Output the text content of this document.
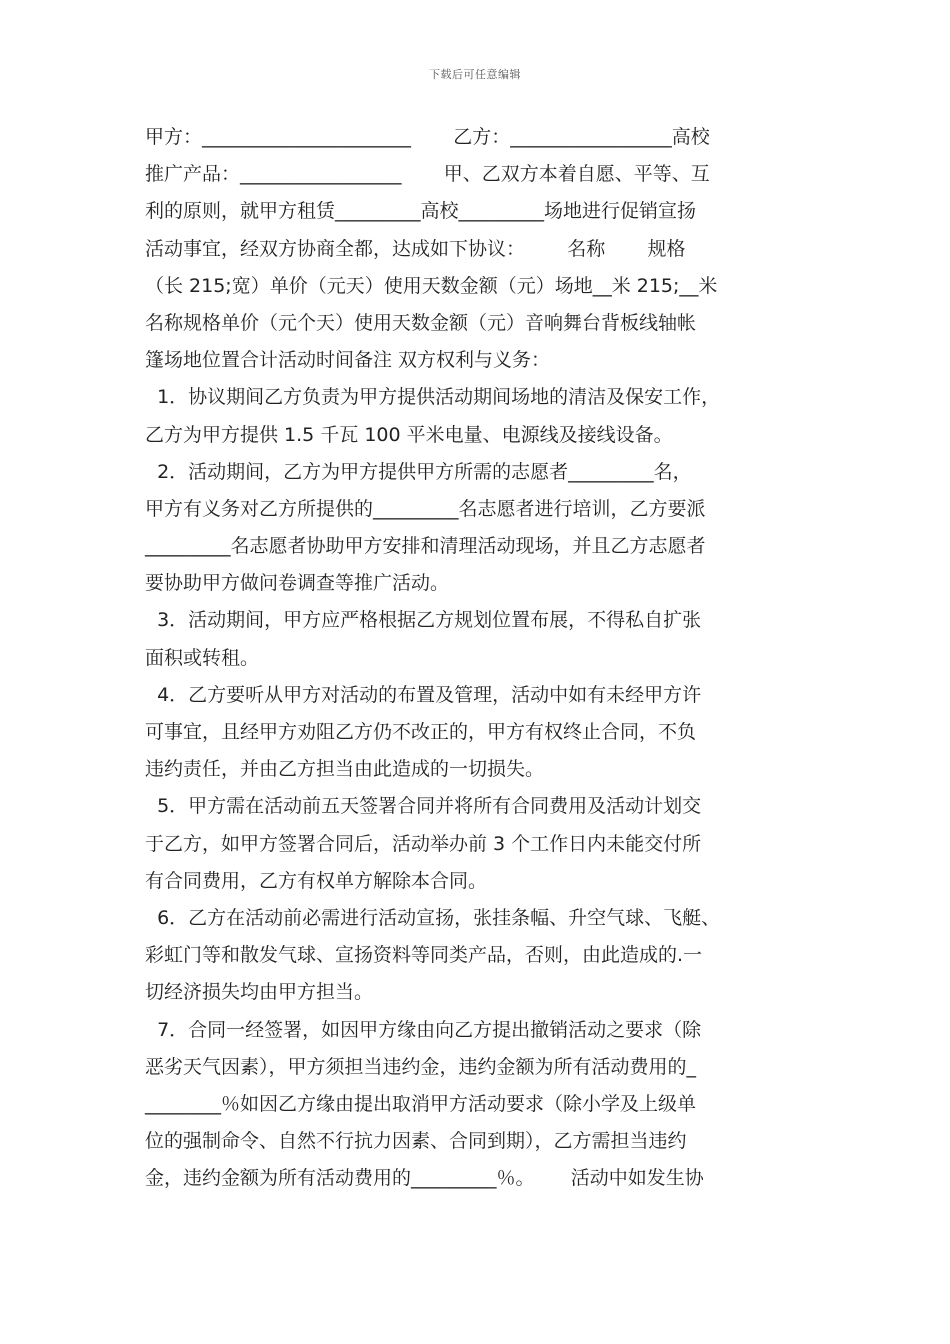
下载后可任意编辑
甲方：______________________       乙方：_________________高校
推广产品：_________________       甲、乙双方本着自愿、平等、互
利的原则，就甲方租赁_________高校_________场地进行促销宣扬
活动事宜，经双方协商全都，达成如下协议：       名称       规格
（长 215;宽）单价（元天）使用天数金额（元）场地__米 215;__米
名称规格单价（元个天）使用天数金额（元）音响舞台背板线轴帐
篷场地位置合计活动时间备注 双方权利与义务：
1．协议期间乙方负责为甲方提供活动期间场地的清洁及保安工作，
乙方为甲方提供 1.5 千瓦 100 平米电量、电源线及接线设备。
2．活动期间，乙方为甲方提供甲方所需的志愿者_________名，
甲方有义务对乙方所提供的_________名志愿者进行培训，乙方要派
_________名志愿者协助甲方安排和清理活动现场，并且乙方志愿者
要协助甲方做问卷调查等推广活动。
3．活动期间，甲方应严格根据乙方规划位置布展，不得私自扩张
面积或转租。
4．乙方要听从甲方对活动的布置及管理，活动中如有未经甲方许
可事宜，且经甲方劝阻乙方仍不改正的，甲方有权终止合同，不负
违约责任，并由乙方担当由此造成的一切损失。
5．甲方需在活动前五天签署合同并将所有合同费用及活动计划交
于乙方，如甲方签署合同后，活动举办前 3 个工作日内未能交付所
有合同费用，乙方有权单方解除本合同。
6．乙方在活动前必需进行活动宣扬，张挂条幅、升空气球、飞艇、
彩虹门等和散发气球、宣扬资料等同类产品，否则，由此造成的.一
切经济损失均由甲方担当。
7．合同一经签署，如因甲方缘由向乙方提出撤销活动之要求（除
恶劣天气因素），甲方须担当违约金，违约金额为所有活动费用的_
________％如因乙方缘由提出取消甲方活动要求（除小学及上级单
位的强制命令、自然不行抗力因素、合同到期），乙方需担当违约
金，违约金额为所有活动费用的_________％。      活动中如发生协
